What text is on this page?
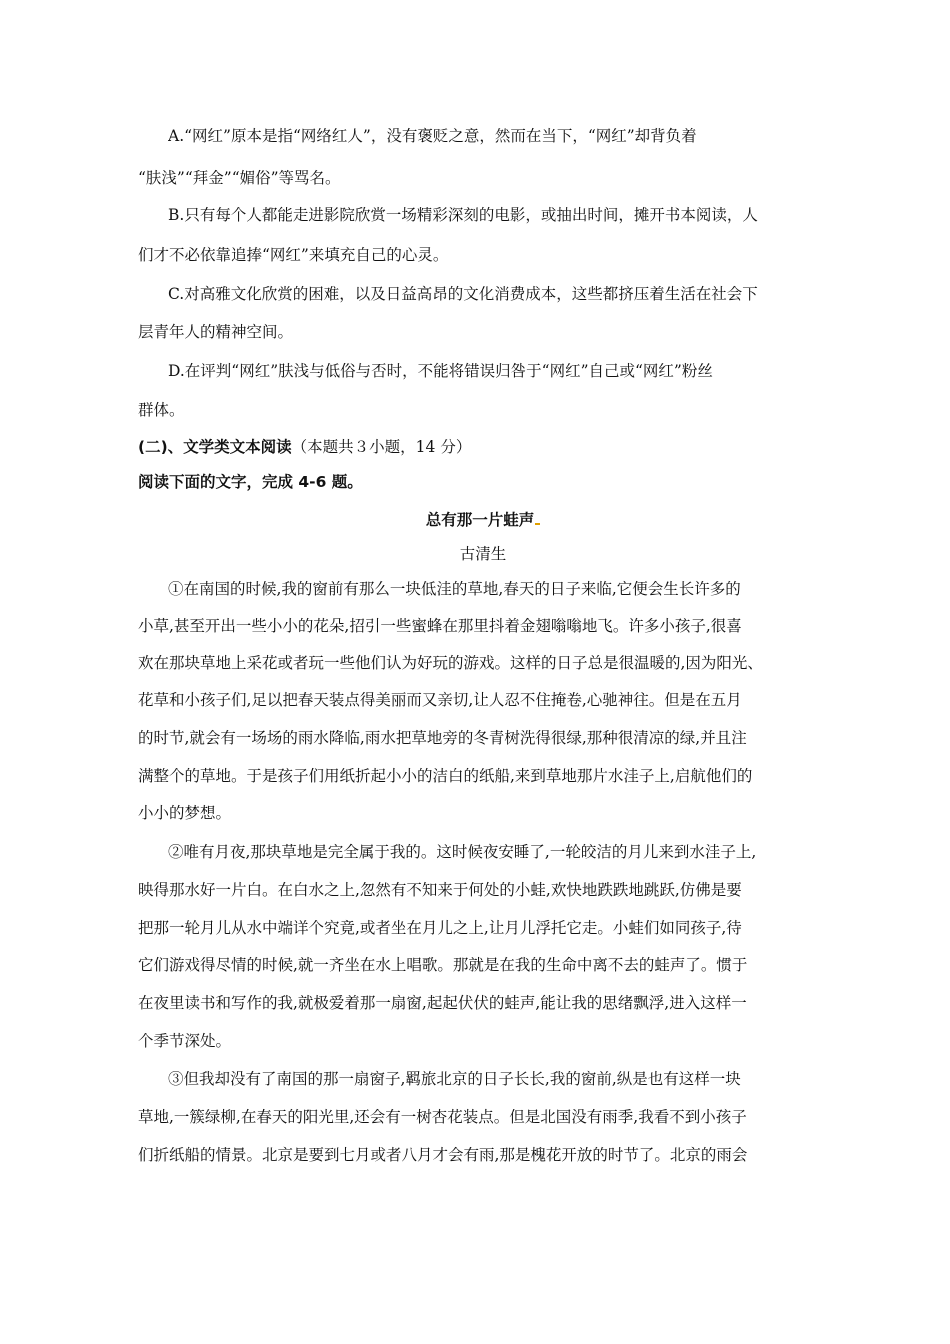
A.“网红”原本是指“网络红人”，没有褒贬之意，然而在当下，“网红”却背负着
“肤浅”“拜金”“媚俗”等骂名。
B.只有每个人都能走进影院欣赏一场精彩深刻的电影，或抽出时间，摊开书本阅读，人
们才不必依靠追捧“网红”来填充自己的心灵。
C.对高雅文化欣赏的困难，以及日益高昂的文化消费成本，这些都挤压着生活在社会下
层青年人的精神空间。
D.在评判“网红”肤浅与低俗与否时，不能将错误归咎于“网红”自己或“网红”粉丝
群体。
(二)、文学类文本阅读（本题共３小题，14 分）
阅读下面的文字，完成 4-6 题。
总有那一片蛙声
古清生
①在南国的时候,我的窗前有那么一块低洼的草地,春天的日子来临,它便会生长许多的
小草,甚至开出一些小小的花朵,招引一些蜜蜂在那里抖着金翅嗡嗡地飞。许多小孩子,很喜
欢在那块草地上采花或者玩一些他们认为好玩的游戏。这样的日子总是很温暖的,因为阳光、
花草和小孩子们,足以把春天装点得美丽而又亲切,让人忍不住掩卷,心驰神往。但是在五月
的时节,就会有一场场的雨水降临,雨水把草地旁的冬青树洗得很绿,那种很清凉的绿,并且注
满整个的草地。于是孩子们用纸折起小小的洁白的纸船,来到草地那片水洼子上,启航他们的
小小的梦想。
②唯有月夜,那块草地是完全属于我的。这时候夜安睡了,一轮皎洁的月儿来到水洼子上,
映得那水好一片白。在白水之上,忽然有不知来于何处的小蛙,欢快地跌跌地跳跃,仿佛是要
把那一轮月儿从水中端详个究竟,或者坐在月儿之上,让月儿浮托它走。小蛙们如同孩子,待
它们游戏得尽情的时候,就一齐坐在水上唱歌。那就是在我的生命中离不去的蛙声了。惯于
在夜里读书和写作的我,就极爱着那一扇窗,起起伏伏的蛙声,能让我的思绪飘浮,进入这样一
个季节深处。
③但我却没有了南国的那一扇窗子,羁旅北京的日子长长,我的窗前,纵是也有这样一块
草地,一簇绿柳,在春天的阳光里,还会有一树杏花装点。但是北国没有雨季,我看不到小孩子
们折纸船的情景。北京是要到七月或者八月才会有雨,那是槐花开放的时节了。北京的雨会
